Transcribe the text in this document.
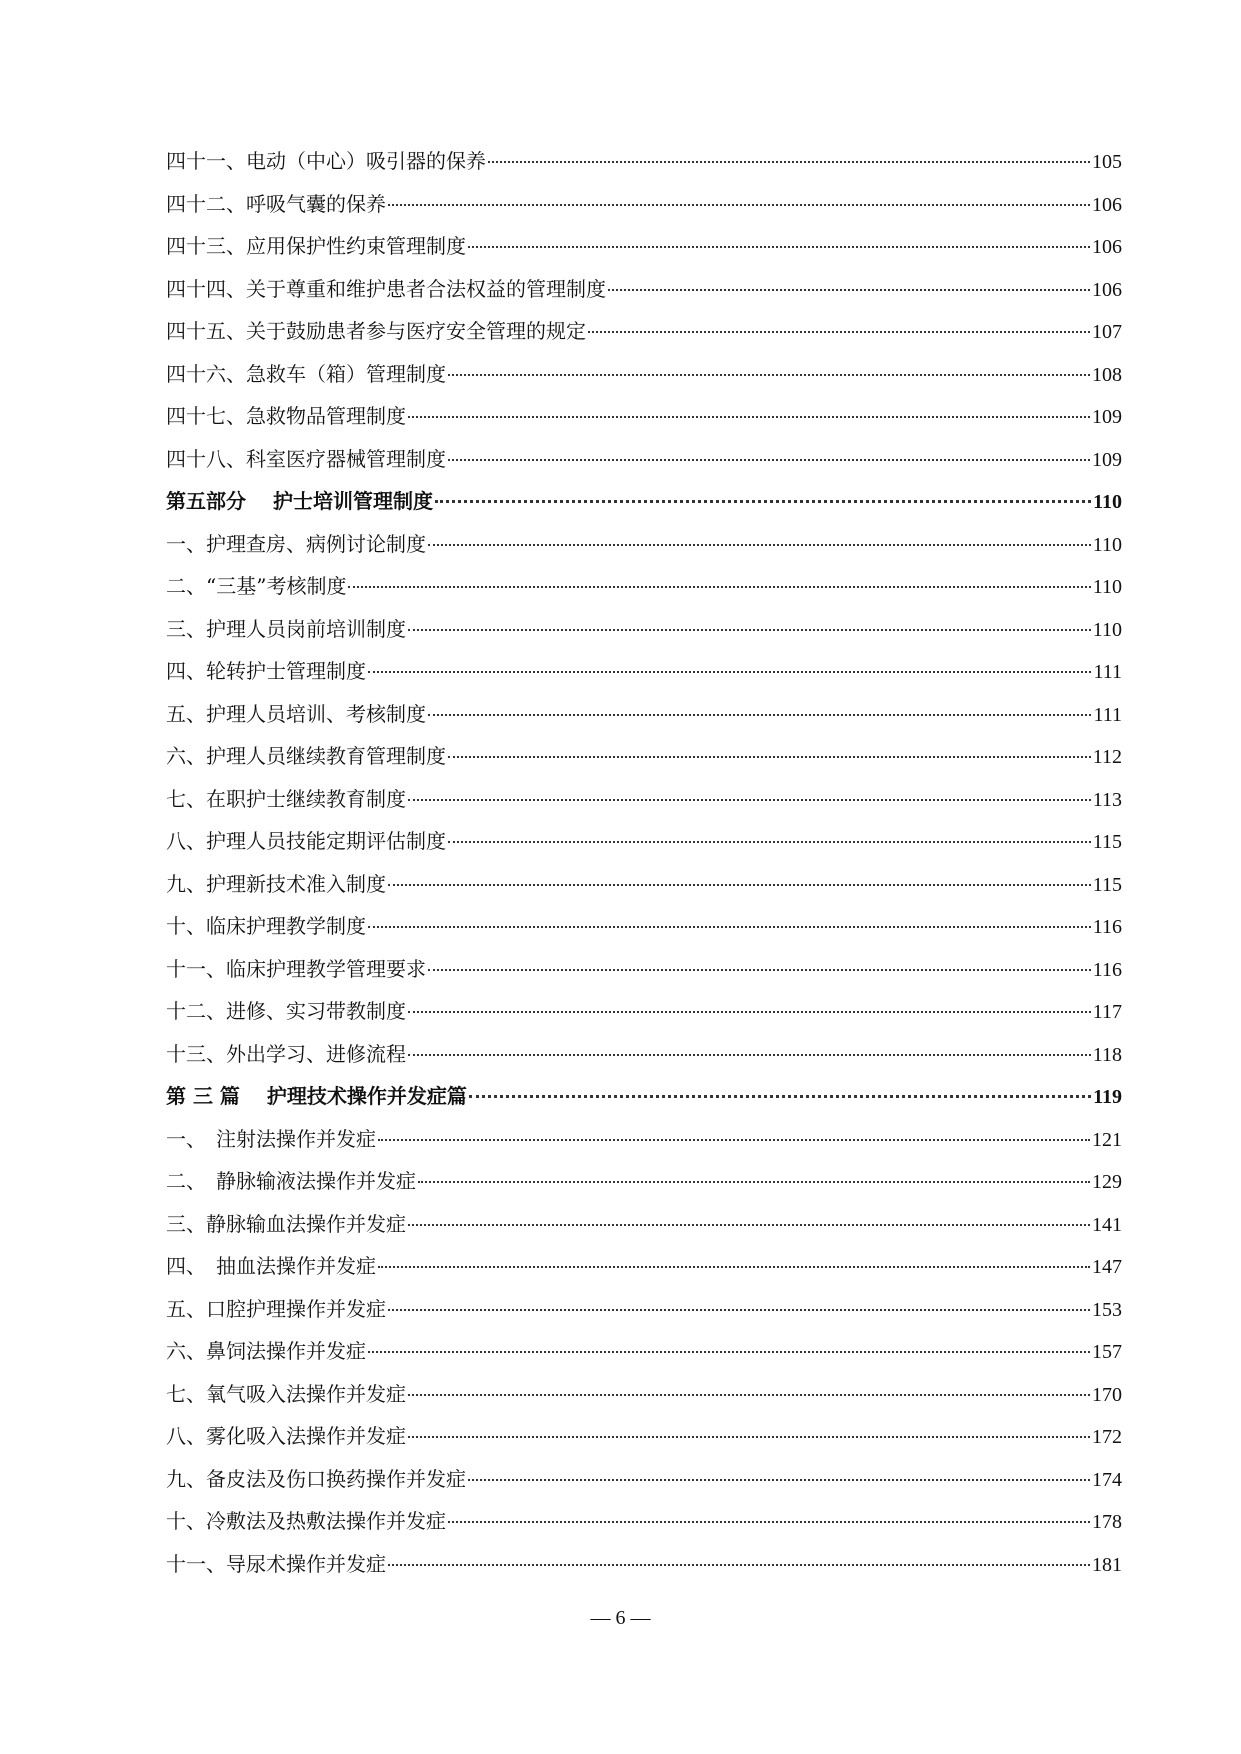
四十一、电动（中心）吸引器的保养	105
四十二、呼吸气囊的保养	106
四十三、应用保护性约束管理制度	106
四十四、关于尊重和维护患者合法权益的管理制度	106
四十五、关于鼓励患者参与医疗安全管理的规定	107
四十六、急救车（箱）管理制度	108
四十七、急救物品管理制度	109
四十八、科室医疗器械管理制度	109
第五部分　 护士培训管理制度	110
一、护理查房、病例讨论制度	110
二、“三基”考核制度	110
三、护理人员岗前培训制度	110
四、轮转护士管理制度	111
五、护理人员培训、考核制度	111
六、护理人员继续教育管理制度	112
七、在职护士继续教育制度	113
八、护理人员技能定期评估制度	115
九、护理新技术准入制度	115
十、临床护理教学制度	116
十一、临床护理教学管理要求	116
十二、进修、实习带教制度	117
十三、外出学习、进修流程	118
第 三 篇　 护理技术操作并发症篇	119
一、　注射法操作并发症	121
二、　静脉输液法操作并发症	129
三、静脉输血法操作并发症	141
四、　抽血法操作并发症	147
五、口腔护理操作并发症	153
六、鼻饲法操作并发症	157
七、氧气吸入法操作并发症	170
八、雾化吸入法操作并发症	172
九、备皮法及伤口换药操作并发症	174
十、冷敷法及热敷法操作并发症	178
十一、导尿术操作并发症	181
— 6 —
